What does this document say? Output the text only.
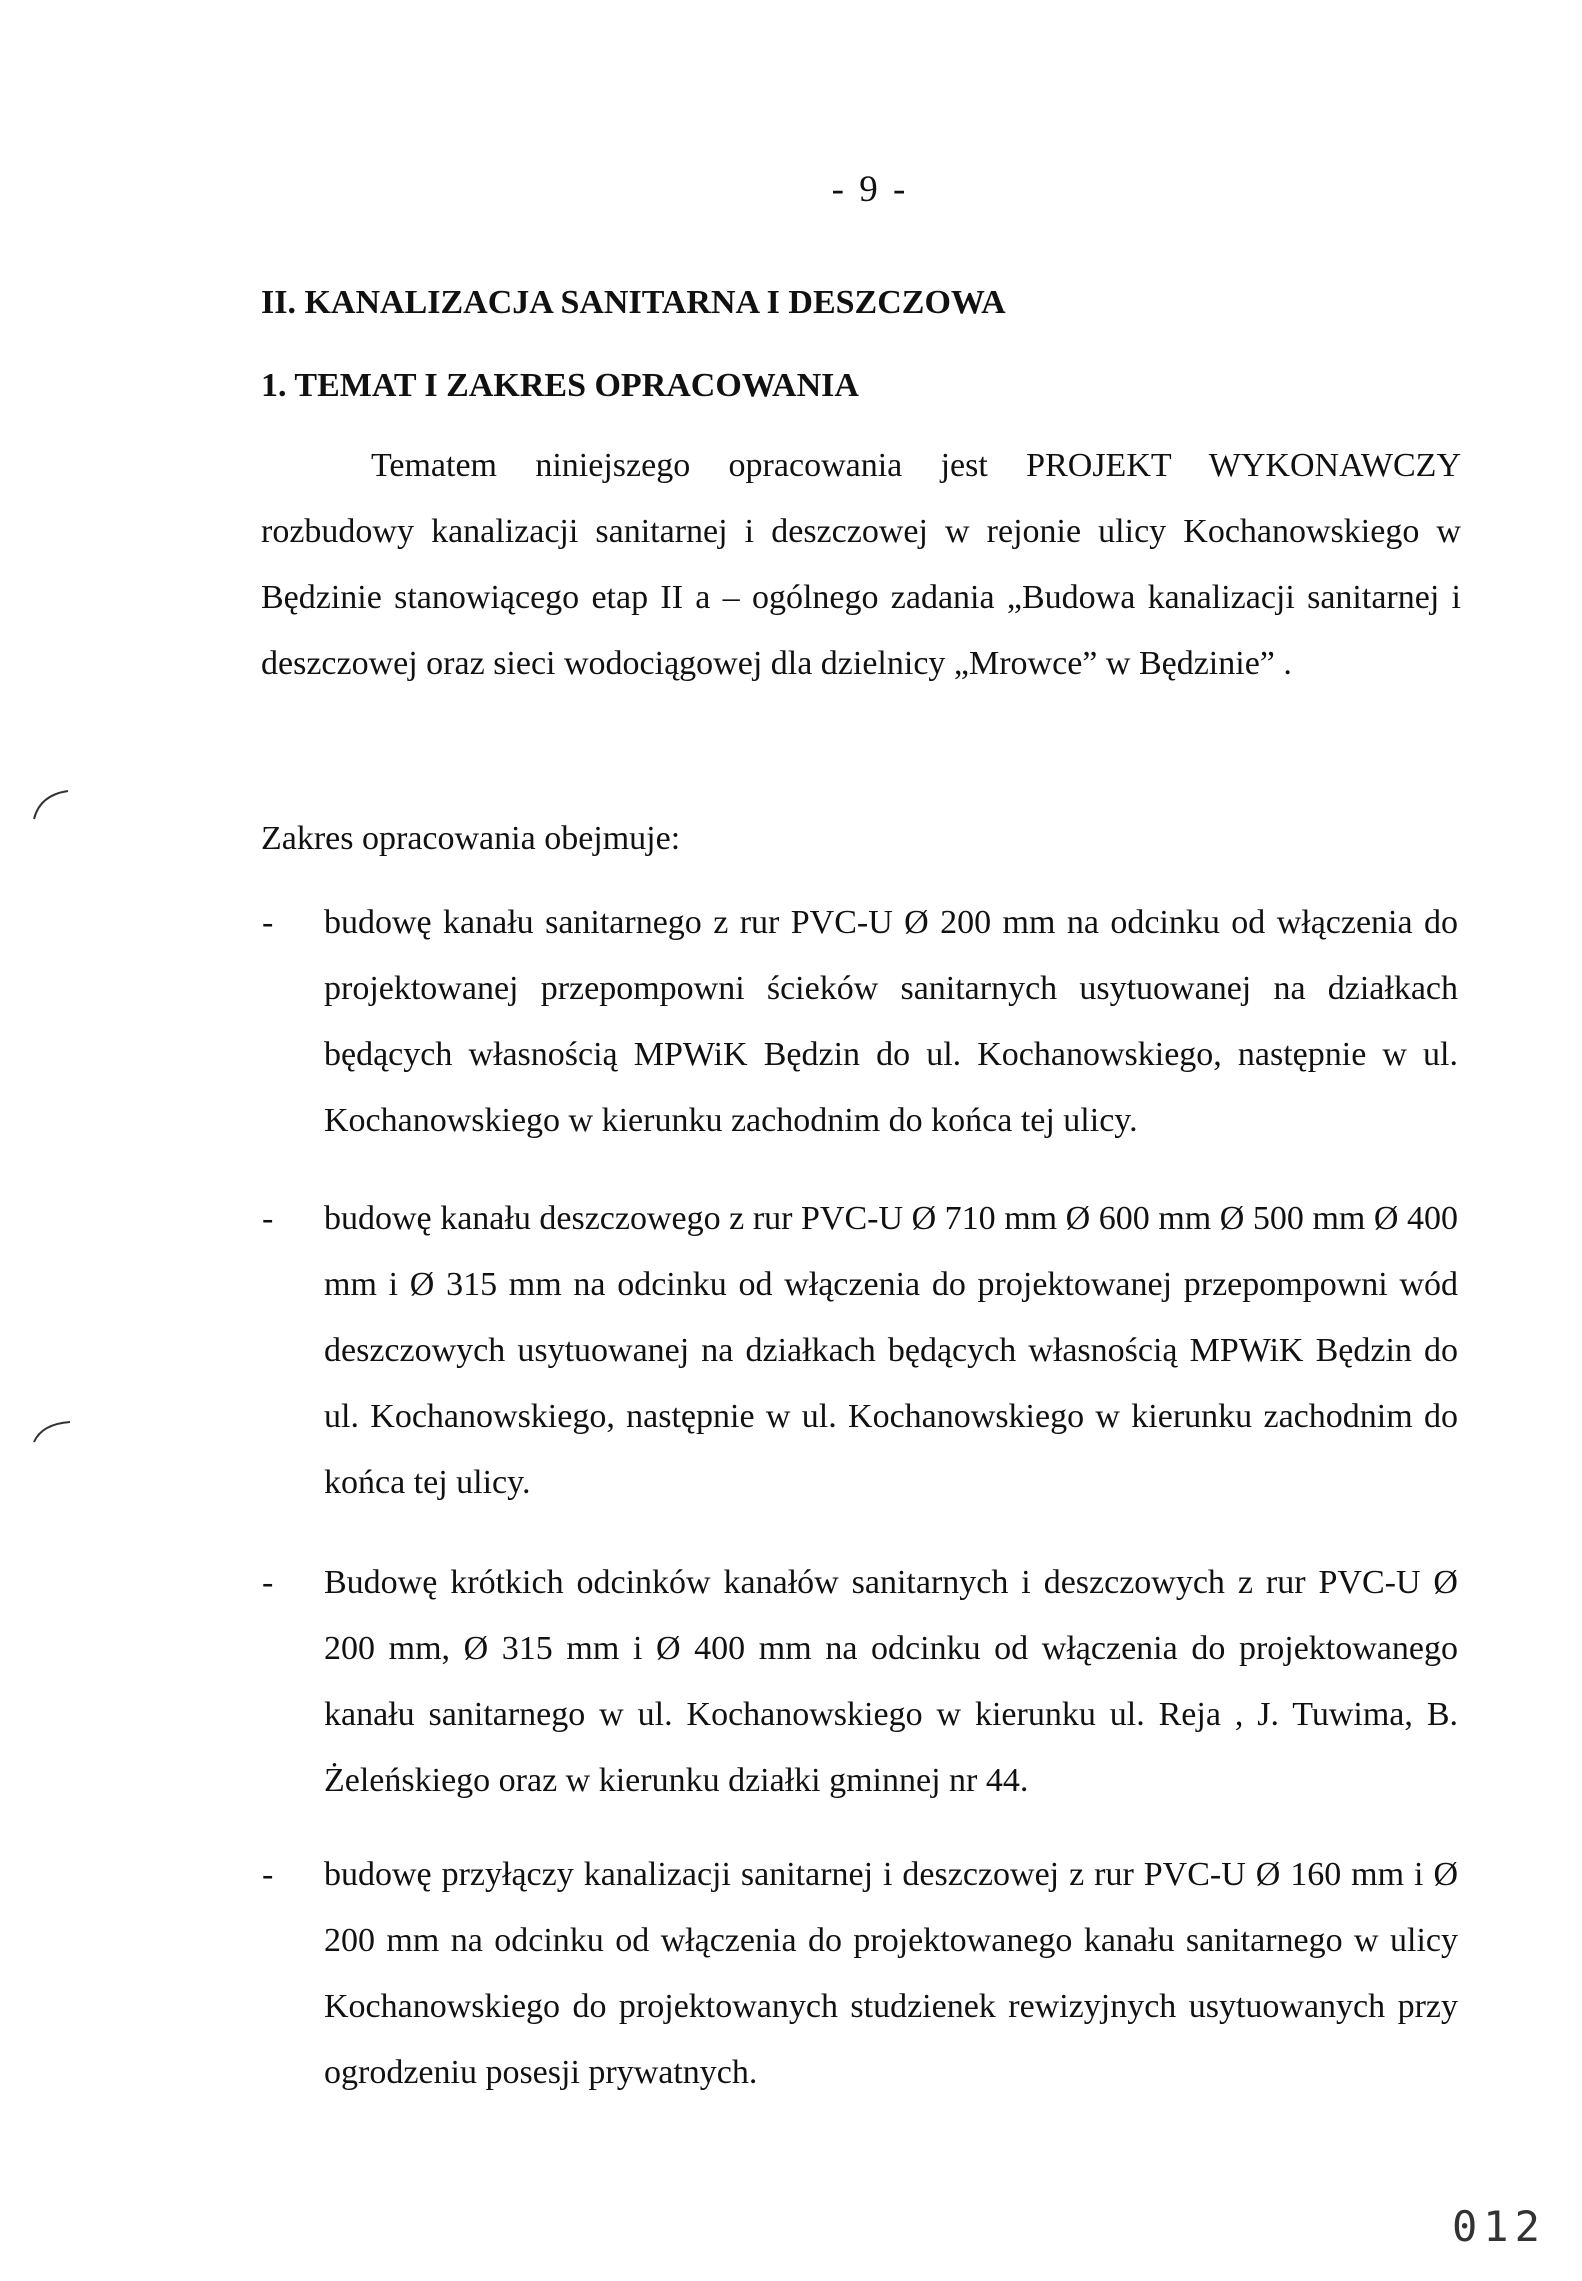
- 9 -
II. KANALIZACJA SANITARNA I DESZCZOWA
1. TEMAT I ZAKRES OPRACOWANIA
Tematem niniejszego opracowania jest PROJEKT WYKONAWCZY rozbudowy kanalizacji sanitarnej i deszczowej w rejonie ulicy Kochanowskiego w Będzinie stanowiącego etap II a – ogólnego zadania „Budowa kanalizacji sanitarnej i deszczowej oraz sieci wodociągowej dla dzielnicy „Mrowce” w Będzinie” .
Zakres opracowania obejmuje:
- budowę kanału sanitarnego z rur PVC-U Ø 200 mm na odcinku od włączenia do projektowanej przepompowni ścieków sanitarnych usytuowanej na działkach będących własnością MPWiK Będzin do ul. Kochanowskiego, następnie w ul. Kochanowskiego w kierunku zachodnim do końca tej ulicy.
- budowę kanału deszczowego z rur PVC-U Ø 710 mm Ø 600 mm Ø 500 mm Ø 400 mm i Ø 315 mm na odcinku od włączenia do projektowanej przepompowni wód deszczowych usytuowanej na działkach będących własnością MPWiK Będzin do ul. Kochanowskiego, następnie w ul. Kochanowskiego w kierunku zachodnim do końca tej ulicy.
- Budowę krótkich odcinków kanałów sanitarnych i deszczowych z rur PVC-U Ø 200 mm, Ø 315 mm i Ø 400 mm na odcinku od włączenia do projektowanego kanału sanitarnego w ul. Kochanowskiego w kierunku ul. Reja , J. Tuwima, B. Żeleńskiego oraz w kierunku działki gminnej nr 44.
- budowę przyłączy kanalizacji sanitarnej i deszczowej z rur PVC-U Ø 160 mm i Ø 200 mm na odcinku od włączenia do projektowanego kanału sanitarnego w ulicy Kochanowskiego do projektowanych studzienek rewizyjnych usytuowanych przy ogrodzeniu posesji prywatnych.
012
